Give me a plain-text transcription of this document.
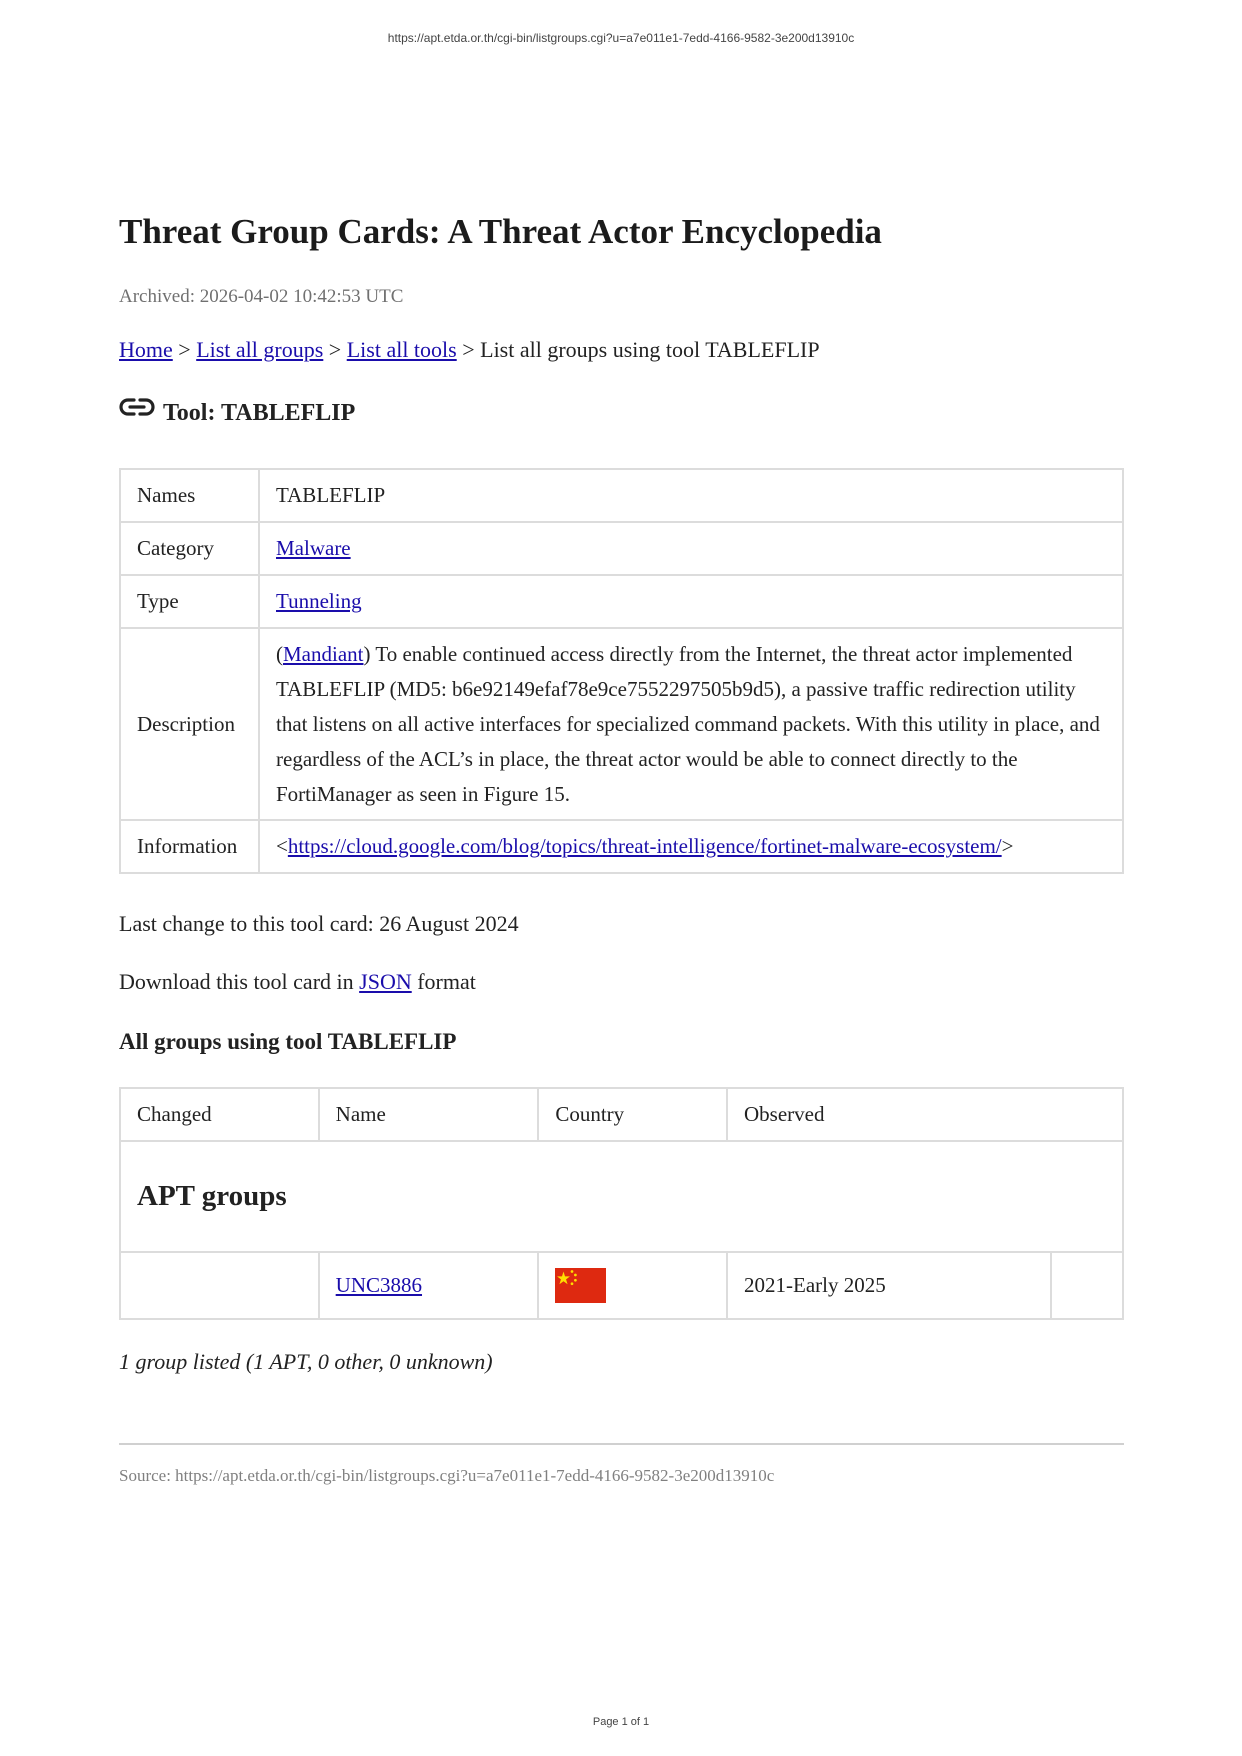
https://apt.etda.or.th/cgi-bin/listgroups.cgi?u=a7e011e1-7edd-4166-9582-3e200d13910c
Threat Group Cards: A Threat Actor Encyclopedia
Archived: 2026-04-02 10:42:53 UTC
Home > List all groups > List all tools > List all groups using tool TABLEFLIP
Tool: TABLEFLIP
Names	TABLEFLIP
Category	Malware
Type	Tunneling
Description	(Mandiant) To enable continued access directly from the Internet, the threat actor implemented TABLEFLIP (MD5: b6e92149efaf78e9ce7552297505b9d5), a passive traffic redirection utility that listens on all active interfaces for specialized command packets. With this utility in place, and regardless of the ACL’s in place, the threat actor would be able to connect directly to the FortiManager as seen in Figure 15.
Information	<https://cloud.google.com/blog/topics/threat-intelligence/fortinet-malware-ecosystem/>
Last change to this tool card: 26 August 2024
Download this tool card in JSON format
All groups using tool TABLEFLIP
Changed	Name	Country	Observed	

APT groups				

	UNC3886		2021-Early 2025	
1 group listed (1 APT, 0 other, 0 unknown)
Source: https://apt.etda.or.th/cgi-bin/listgroups.cgi?u=a7e011e1-7edd-4166-9582-3e200d13910c
Page 1 of 1
